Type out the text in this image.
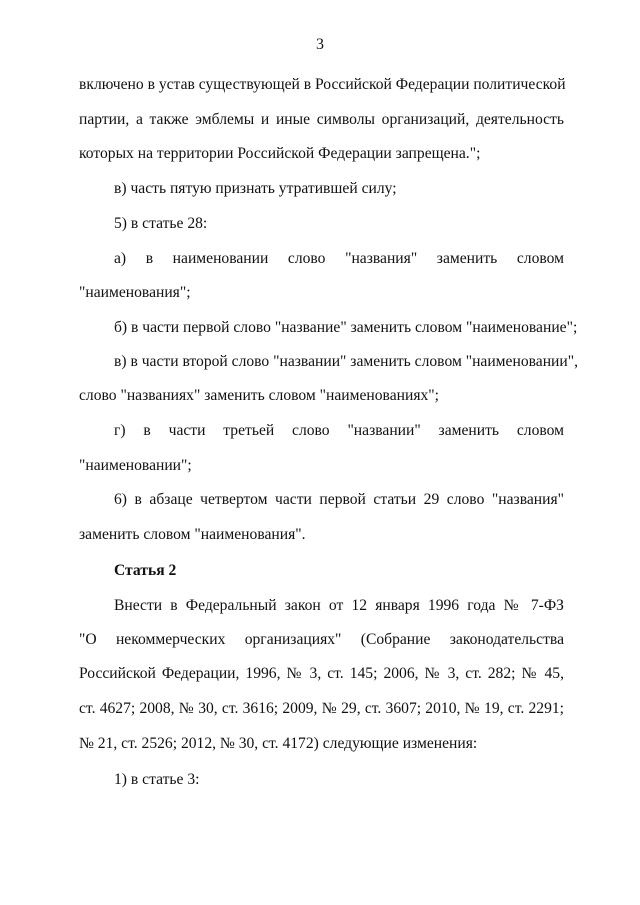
3
включено в устав существующей в Российской Федерации политической
партии, а также эмблемы и иные символы организаций, деятельность
которых на территории Российской Федерации запрещена.";
в) часть пятую признать утратившей силу;
5) в статье 28:
а) в наименовании слово "названия" заменить словом
"наименования";
б) в части первой слово "название" заменить словом "наименование";
в) в части второй слово "названии" заменить словом "наименовании",
слово "названиях" заменить словом "наименованиях";
г) в части третьей слово "названии" заменить словом
"наименовании";
6) в абзаце четвертом части первой статьи 29 слово "названия"
заменить словом "наименования".
Статья 2
Внести в Федеральный закон от 12 января 1996 года № 7-ФЗ
"О некоммерческих организациях" (Собрание законодательства
Российской Федерации, 1996, № 3, ст. 145; 2006, № 3, ст. 282; № 45,
ст. 4627; 2008, № 30, ст. 3616; 2009, № 29, ст. 3607; 2010, № 19, ст. 2291;
№ 21, ст. 2526; 2012, № 30, ст. 4172) следующие изменения:
1) в статье 3:
